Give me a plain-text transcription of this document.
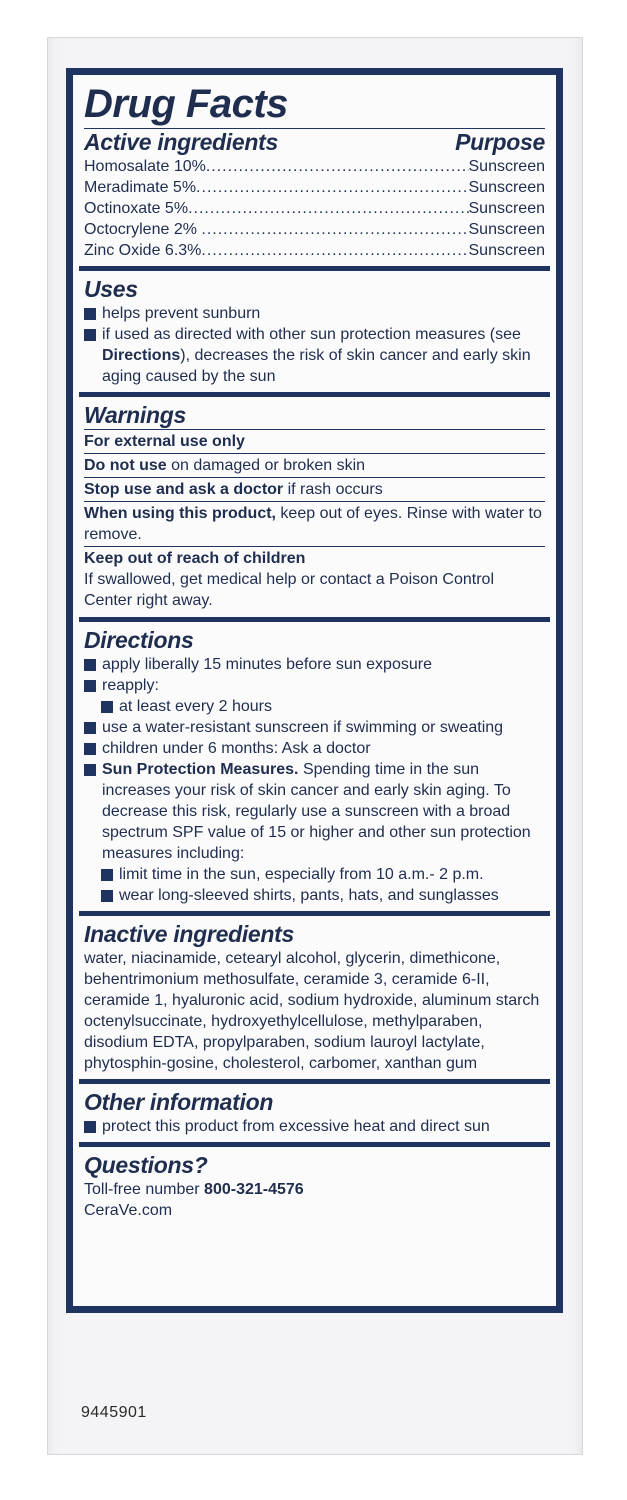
Drug Facts
Active ingredients	Purpose
Homosalate 10% .....	Sunscreen
Meradimate 5% .....	Sunscreen
Octinoxate 5% .....	Sunscreen
Octocrylene 2% .....	Sunscreen
Zinc Oxide 6.3% .....	Sunscreen
Uses
helps prevent sunburn
if used as directed with other sun protection measures (see Directions), decreases the risk of skin cancer and early skin aging caused by the sun
Warnings
For external use only
Do not use on damaged or broken skin
Stop use and ask a doctor if rash occurs
When using this product, keep out of eyes. Rinse with water to remove.
Keep out of reach of children
If swallowed, get medical help or contact a Poison Control Center right away.
Directions
apply liberally 15 minutes before sun exposure
reapply:
at least every 2 hours
use a water-resistant sunscreen if swimming or sweating
children under 6 months: Ask a doctor
Sun Protection Measures. Spending time in the sun increases your risk of skin cancer and early skin aging. To decrease this risk, regularly use a sunscreen with a broad spectrum SPF value of 15 or higher and other sun protection measures including:
limit time in the sun, especially from 10 a.m.- 2 p.m.
wear long-sleeved shirts, pants, hats, and sunglasses
Inactive ingredients
water, niacinamide, cetearyl alcohol, glycerin, dimethicone, behentrimonium methosulfate, ceramide 3, ceramide 6-II, ceramide 1, hyaluronic acid, sodium hydroxide, aluminum starch octenylsuccinate, hydroxyethylcellulose, methylparaben, disodium EDTA, propylparaben, sodium lauroyl lactylate, phytosphin-gosine, cholesterol, carbomer, xanthan gum
Other information
protect this product from excessive heat and direct sun
Questions?
Toll-free number 800-321-4576
CeraVe.com
9445901
